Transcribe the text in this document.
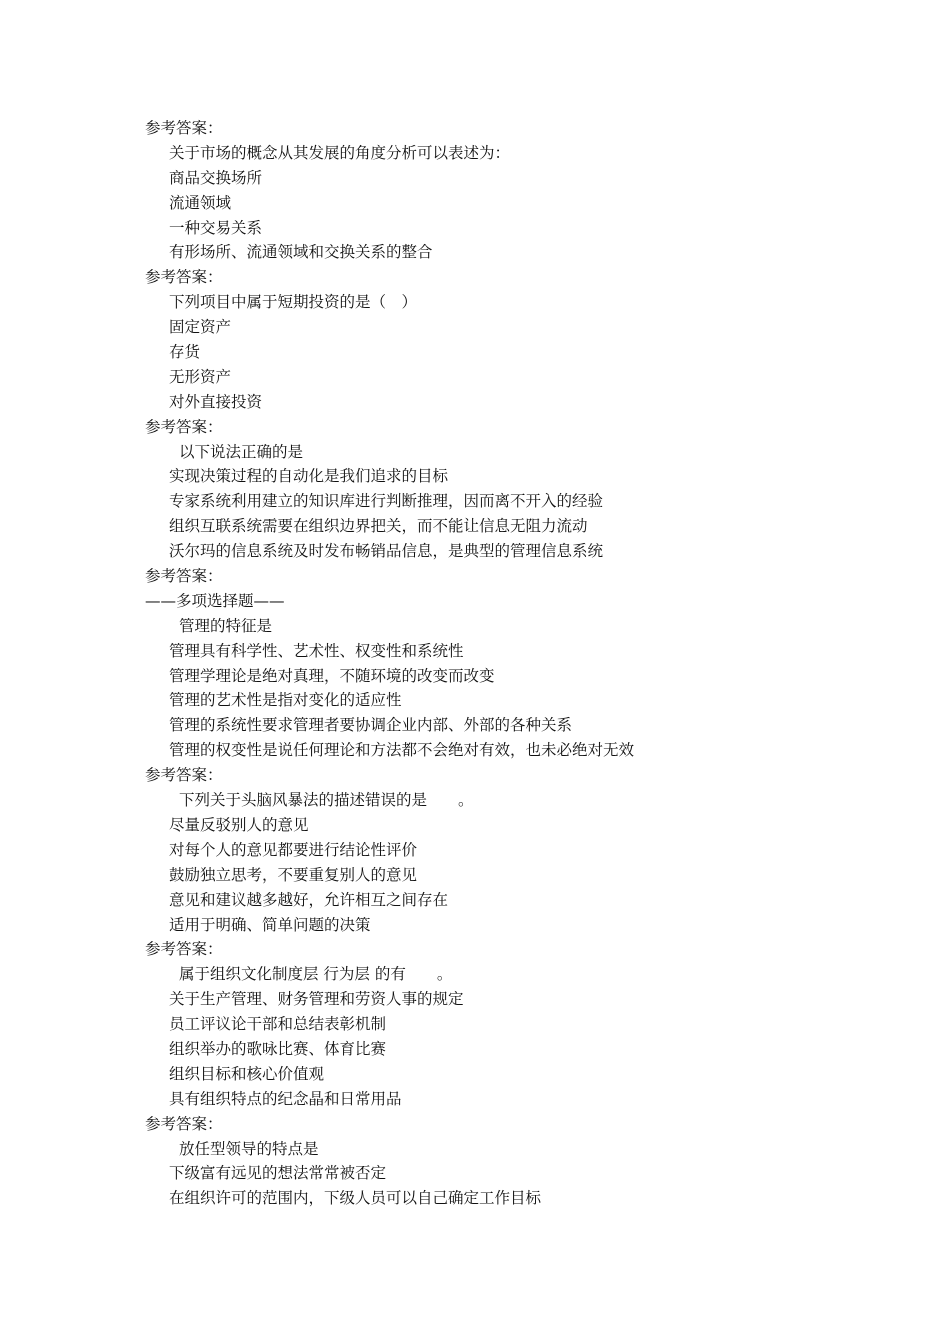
参考答案：
关于市场的概念从其发展的角度分析可以表述为：
商品交换场所
流通领域
一种交易关系
有形场所、流通领域和交换关系的整合
参考答案：
下列项目中属于短期投资的是（　）
固定资产
存货
无形资产
对外直接投资
参考答案：
以下说法正确的是
实现决策过程的自动化是我们追求的目标
专家系统利用建立的知识库进行判断推理，因而离不开入的经验
组织互联系统需要在组织边界把关，而不能让信息无阻力流动
沃尔玛的信息系统及时发布畅销品信息，是典型的管理信息系统
参考答案：
——多项选择题——
管理的特征是
管理具有科学性、艺术性、权变性和系统性
管理学理论是绝对真理，不随环境的改变而改变
管理的艺术性是指对变化的适应性
管理的系统性要求管理者要协调企业内部、外部的各种关系
管理的权变性是说任何理论和方法都不会绝对有效，也未必绝对无效
参考答案：
下列关于头脑风暴法的描述错误的是　　。
尽量反驳别人的意见
对每个人的意见都要进行结论性评价
鼓励独立思考，不要重复别人的意见
意见和建议越多越好，允许相互之间存在
适用于明确、简单问题的决策
参考答案：
属于组织文化制度层 行为层 的有　　。
关于生产管理、财务管理和劳资人事的规定
员工评议论干部和总结表彰机制
组织举办的歌咏比赛、体育比赛
组织目标和核心价值观
具有组织特点的纪念晶和日常用品
参考答案：
放任型领导的特点是
下级富有远见的想法常常被否定
在组织许可的范围内，下级人员可以自己确定工作目标
